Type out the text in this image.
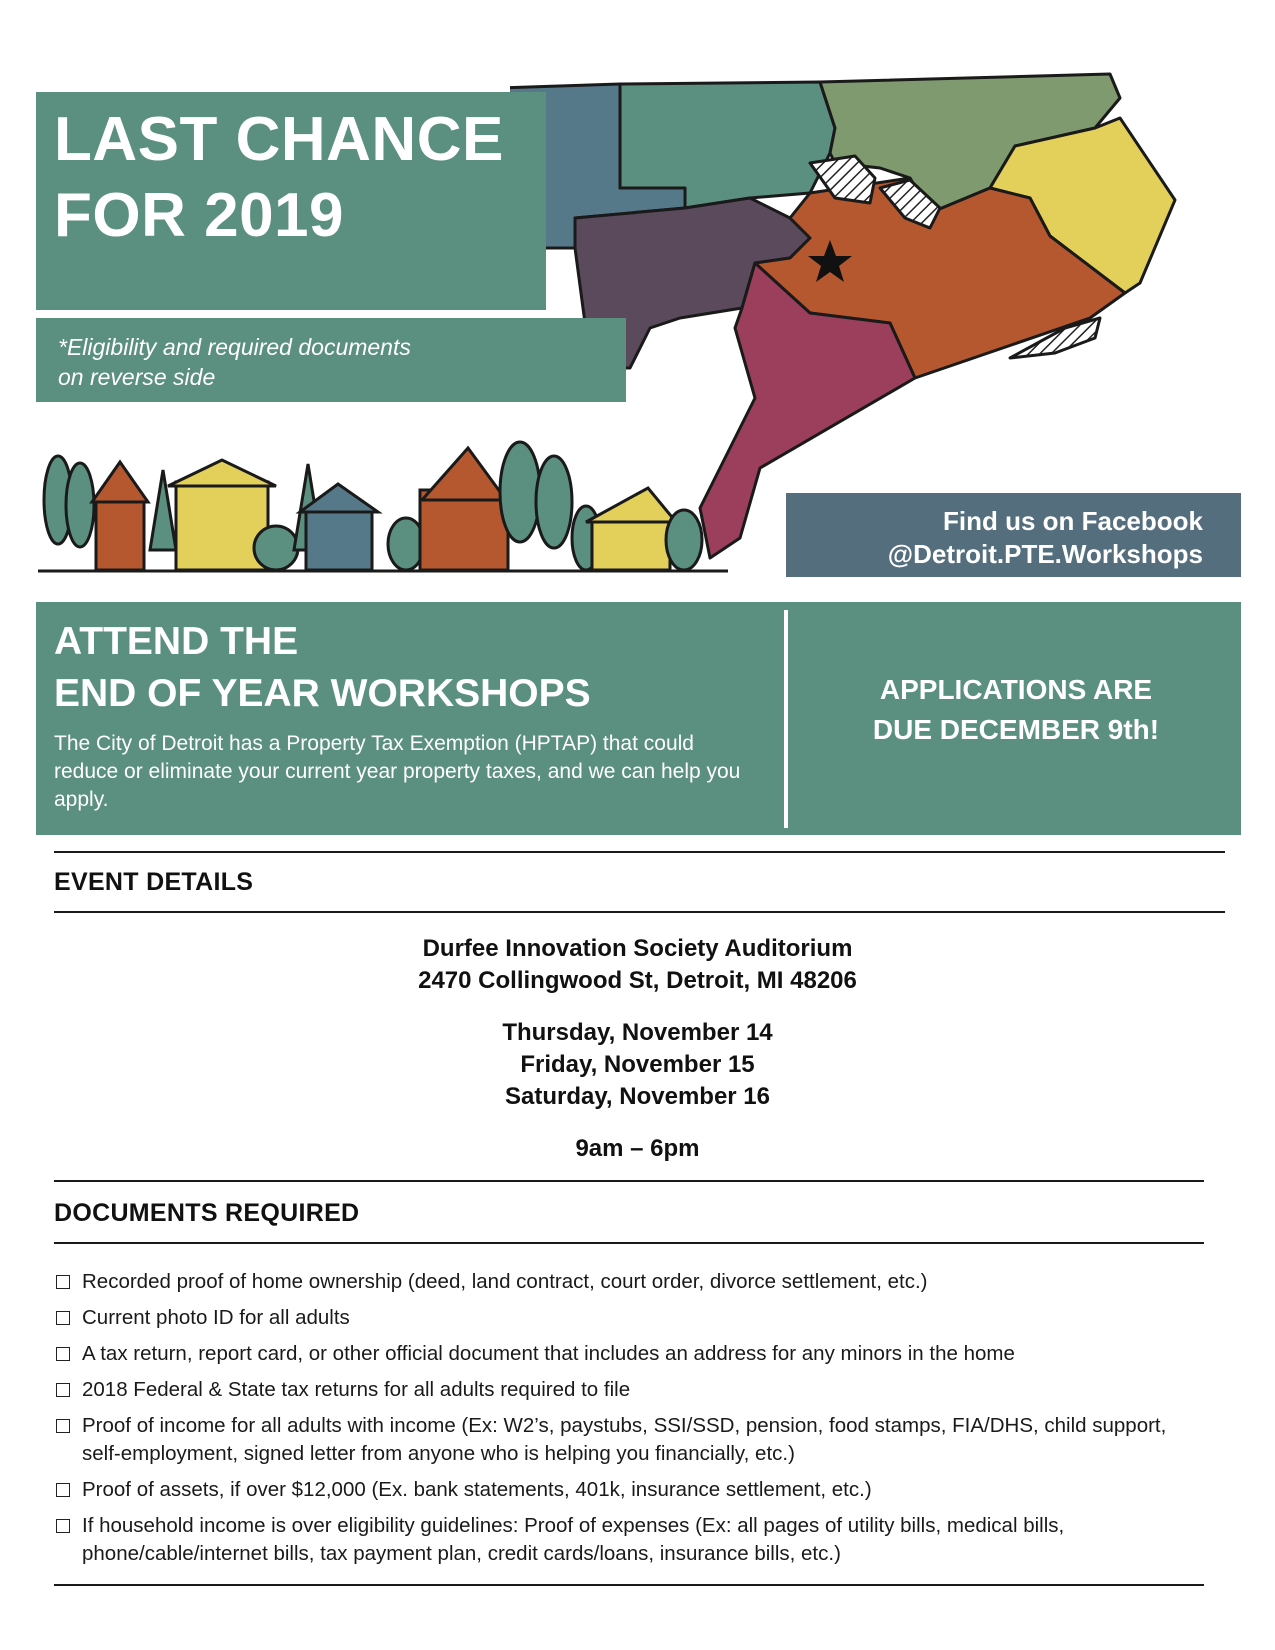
LAST CHANCE
FOR 2019

*Eligibility and required documents
on reverse side

Find us on Facebook
@Detroit.PTE.Workshops

ATTEND THE
END OF YEAR WORKSHOPS

The City of Detroit has a Property Tax Exemption (HPTAP) that could reduce or eliminate your current year property taxes, and we can help you apply.

APPLICATIONS ARE
DUE DECEMBER 9th!

EVENT DETAILS

Durfee Innovation Society Auditorium
2470 Collingwood St, Detroit, MI 48206

Thursday, November 14
Friday, November 15
Saturday, November 16

9am – 6pm

DOCUMENTS REQUIRED
Recorded proof of home ownership (deed, land contract, court order, divorce settlement, etc.)
Current photo ID for all adults
A tax return, report card, or other official document that includes an address for any minors in the home
2018 Federal & State tax returns for all adults required to file
Proof of income for all adults with income (Ex: W2’s, paystubs, SSI/SSD, pension, food stamps, FIA/DHS, child support, self-employment, signed letter from anyone who is helping you financially, etc.)
Proof of assets, if over $12,000 (Ex. bank statements, 401k, insurance settlement, etc.)
If household income is over eligibility guidelines: Proof of expenses (Ex: all pages of utility bills, medical bills, phone/cable/internet bills, tax payment plan, credit cards/loans, insurance bills, etc.)
